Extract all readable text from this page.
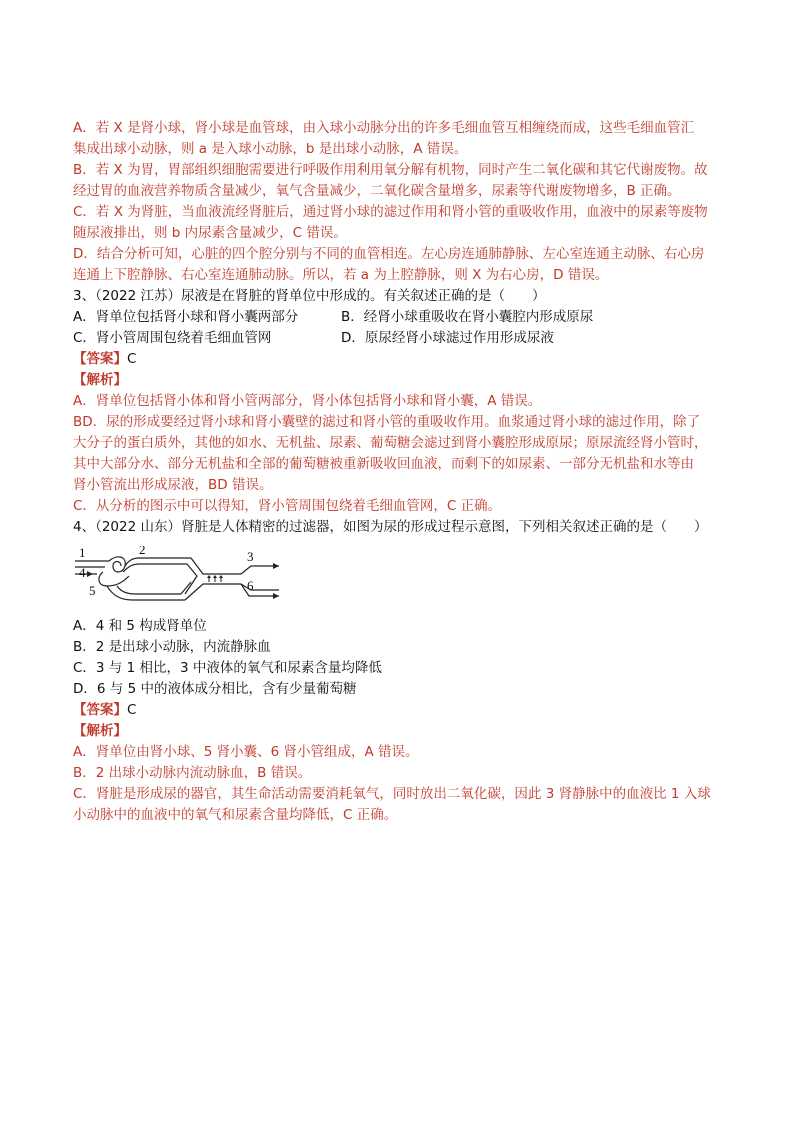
A．若 X 是肾小球，肾小球是血管球，由入球小动脉分出的许多毛细血管互相缠绕而成，这些毛细血管汇
集成出球小动脉，则 a 是入球小动脉，b 是出球小动脉，A 错误。
B．若 X 为胃，胃部组织细胞需要进行呼吸作用利用氧分解有机物，同时产生二氧化碳和其它代谢废物。故
经过胃的血液营养物质含量减少，氧气含量减少，二氧化碳含量增多，尿素等代谢废物增多，B 正确。
C．若 X 为肾脏，当血液流经肾脏后，通过肾小球的滤过作用和肾小管的重吸收作用，血液中的尿素等废物
随尿液排出，则 b 内尿素含量减少，C 错误。
D．结合分析可知，心脏的四个腔分别与不同的血管相连。左心房连通肺静脉、左心室连通主动脉、右心房
连通上下腔静脉、右心室连通肺动脉。所以，若 a 为上腔静脉，则 X 为右心房，D 错误。
3、（2022 江苏）尿液是在肾脏的肾单位中形成的。有关叙述正确的是（　　）
A．肾单位包括肾小球和肾小囊两部分	B．经肾小球重吸收在肾小囊腔内形成原尿
C．肾小管周围包绕着毛细血管网	D．原尿经肾小球滤过作用形成尿液
【答案】C
【解析】
A．肾单位包括肾小体和肾小管两部分，肾小体包括肾小球和肾小囊，A 错误。
BD．尿的形成要经过肾小球和肾小囊壁的滤过和肾小管的重吸收作用。血浆通过肾小球的滤过作用，除了
大分子的蛋白质外，其他的如水、无机盐、尿素、葡萄糖会滤过到肾小囊腔形成原尿；原尿流经肾小管时，
其中大部分水、部分无机盐和全部的葡萄糖被重新吸收回血液，而剩下的如尿素、一部分无机盐和水等由
肾小管流出形成尿液，BD 错误。
C．从分析的图示中可以得知，肾小管周围包绕着毛细血管网，C 正确。
4、（2022 山东）肾脏是人体精密的过滤器，如图为尿的形成过程示意图，下列相关叙述正确的是（　　）
1	2	3
4
5	6
A．4 和 5 构成肾单位
B．2 是出球小动脉，内流静脉血
C．3 与 1 相比，3 中液体的氧气和尿素含量均降低
D．6 与 5 中的液体成分相比，含有少量葡萄糖
【答案】C
【解析】
A．肾单位由肾小球、5 肾小囊、6 肾小管组成，A 错误。
B．2 出球小动脉内流动脉血，B 错误。
C．肾脏是形成尿的器官，其生命活动需要消耗氧气，同时放出二氧化碳，因此 3 肾静脉中的血液比 1 入球
小动脉中的血液中的氧气和尿素含量均降低，C 正确。
